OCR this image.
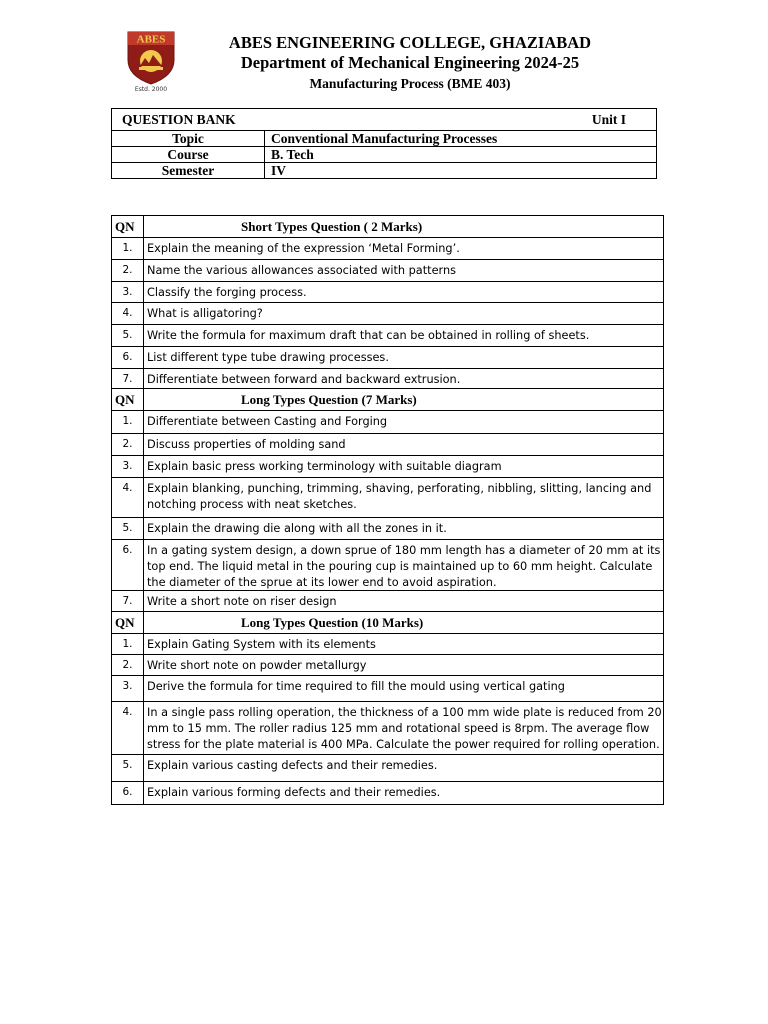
ABES
Estd. 2000
ABES ENGINEERING COLLEGE, GHAZIABAD
Department of Mechanical Engineering 2024-25
Manufacturing Process (BME 403)
QUESTION BANK Unit I	

Topic	Conventional Manufacturing Processes
Course	B. Tech
Semester	IV
QN	Short Types Question ( 2 Marks)
1.	Explain the meaning of the expression ‘Metal Forming’.
2.	Name the various allowances associated with patterns
3.	Classify the forging process.
4.	What is alligatoring?
5.	Write the formula for maximum draft that can be obtained in rolling of sheets.
6.	List different type tube drawing processes.
7.	Differentiate between forward and backward extrusion.
QN	Long Types Question (7 Marks)
1.	Differentiate between Casting and Forging
2.	Discuss properties of molding sand
3.	Explain basic press working terminology with suitable diagram
4.	Explain blanking, punching, trimming, shaving, perforating, nibbling, slitting, lancing and notching process with neat sketches.
5.	Explain the drawing die along with all the zones in it.
6.	In a gating system design, a down sprue of 180 mm length has a diameter of 20 mm at its top end. The liquid metal in the pouring cup is maintained up to 60 mm height. Calculate the diameter of the sprue at its lower end to avoid aspiration.
7.	Write a short note on riser design
QN	Long Types Question (10 Marks)
1.	Explain Gating System with its elements
2.	Write short note on powder metallurgy
3.	Derive the formula for time required to fill the mould using vertical gating
4.	In a single pass rolling operation, the thickness of a 100 mm wide plate is reduced from 20 mm to 15 mm. The roller radius 125 mm and rotational speed is 8rpm. The average flow stress for the plate material is 400 MPa. Calculate the power required for rolling operation.
5.	Explain various casting defects and their remedies.
6.	Explain various forming defects and their remedies.
